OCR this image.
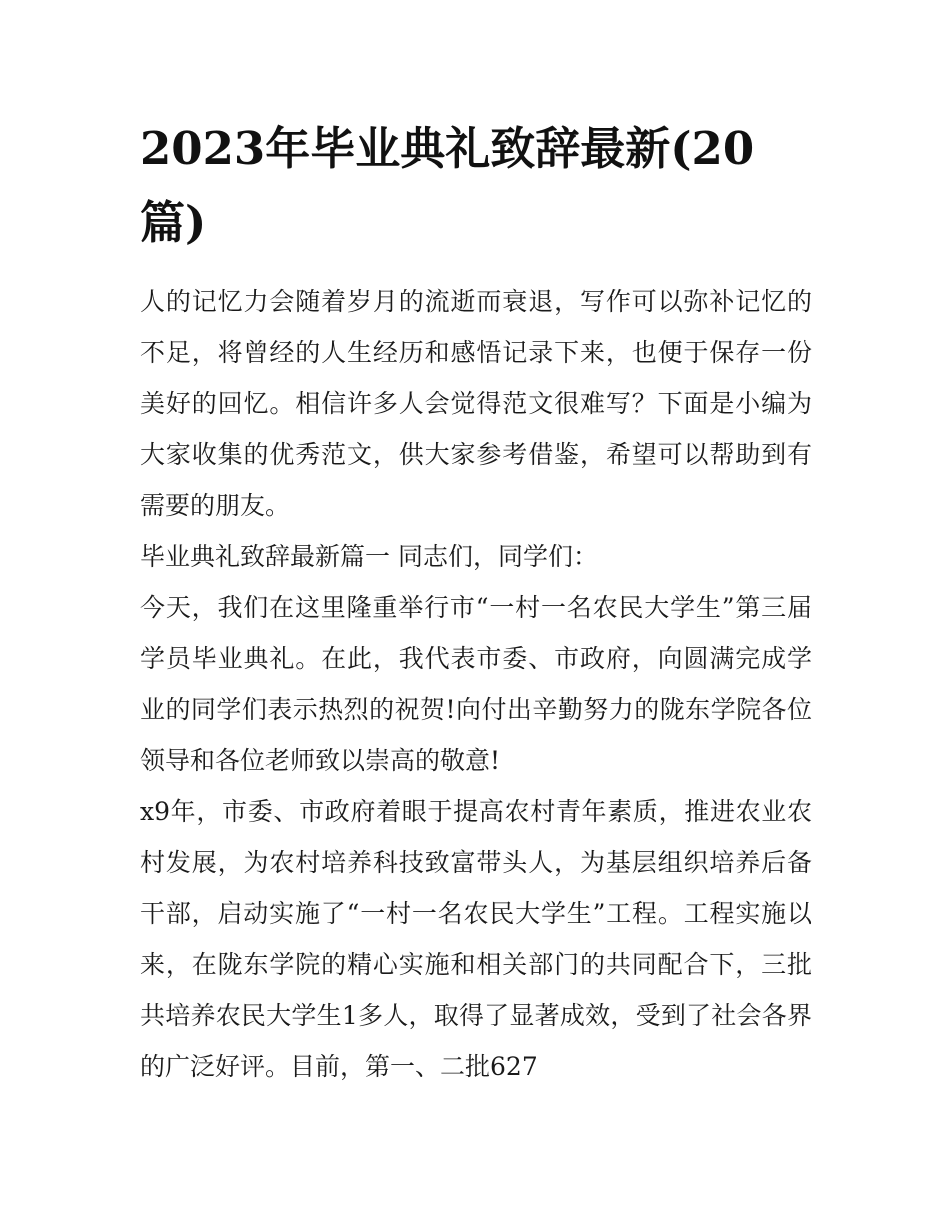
2023年毕业典礼致辞最新(20篇)

人的记忆力会随着岁月的流逝而衰退，写作可以弥补记忆的不足，将曾经的人生经历和感悟记录下来，也便于保存一份美好的回忆。相信许多人会觉得范文很难写？下面是小编为大家收集的优秀范文，供大家参考借鉴，希望可以帮助到有需要的朋友。

毕业典礼致辞最新篇一 同志们，同学们：

今天，我们在这里隆重举行市“一村一名农民大学生”第三届学员毕业典礼。在此，我代表市委、市政府，向圆满完成学业的同学们表示热烈的祝贺!向付出辛勤努力的陇东学院各位领导和各位老师致以崇高的敬意!

x9年，市委、市政府着眼于提高农村青年素质，推进农业农村发展，为农村培养科技致富带头人，为基层组织培养后备干部，启动实施了“一村一名农民大学生”工程。工程实施以来，在陇东学院的精心实施和相关部门的共同配合下，三批共培养农民大学生1多人，取得了显著成效，受到了社会各界的广泛好评。目前，第一、二批627
